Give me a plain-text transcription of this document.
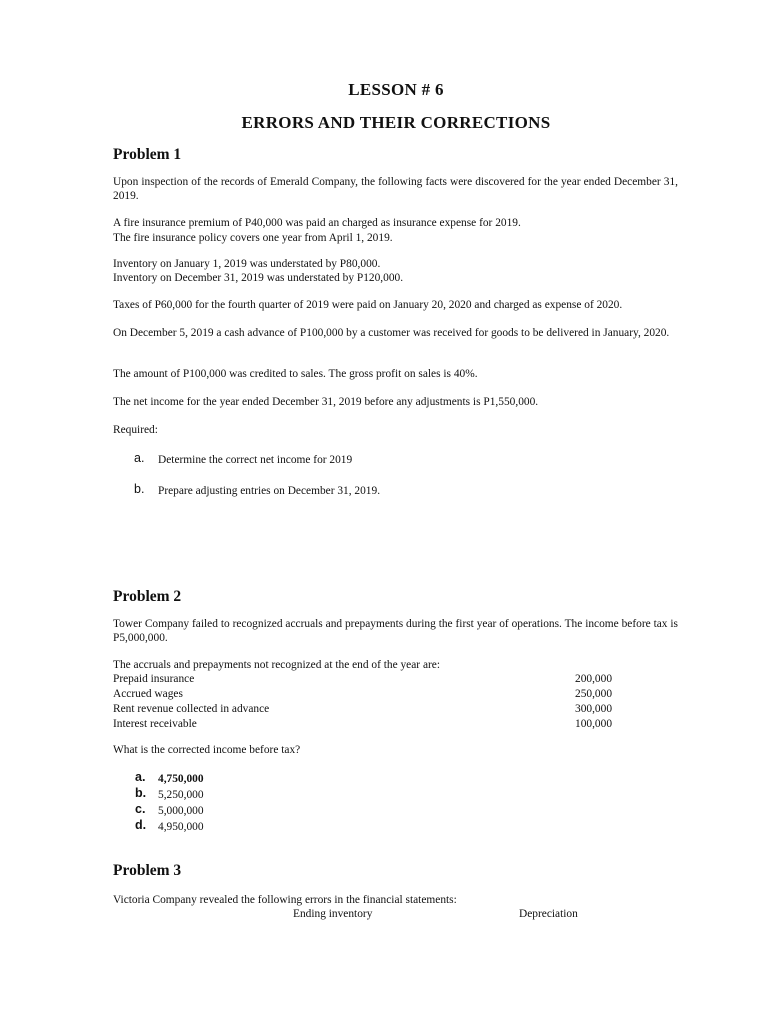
LESSON # 6
ERRORS AND THEIR CORRECTIONS
Problem 1
Upon inspection of the records of Emerald Company, the following facts were discovered for the year ended December 31, 2019.
A fire insurance premium of P40,000 was paid an charged as insurance expense for 2019.
The fire insurance policy covers one year from April 1, 2019.
Inventory on January 1, 2019 was understated by P80,000.
Inventory on December 31, 2019 was understated by P120,000.
Taxes of P60,000 for the fourth quarter of 2019 were paid on January 20, 2020 and charged as expense of 2020.
On December 5, 2019 a cash advance of P100,000 by a customer was received for goods to be delivered in January, 2020.
The amount of P100,000 was credited to sales. The gross profit on sales is 40%.
The net income for the year ended December 31, 2019 before any adjustments is P1,550,000.
Required:
a. Determine the correct net income for 2019
b. Prepare adjusting entries on December 31, 2019.
Problem 2
Tower Company failed to recognized accruals and prepayments during the first year of operations. The income before tax is P5,000,000.
The accruals and prepayments not recognized at the end of the year are:
Prepaid insurance	200,000
Accrued wages	250,000
Rent revenue collected in advance	300,000
Interest receivable	100,000
What is the corrected income before tax?
a. 4,750,000
b. 5,250,000
c. 5,000,000
d. 4,950,000
Problem 3
Victoria Company revealed the following errors in the financial statements:
Ending inventory	Depreciation
